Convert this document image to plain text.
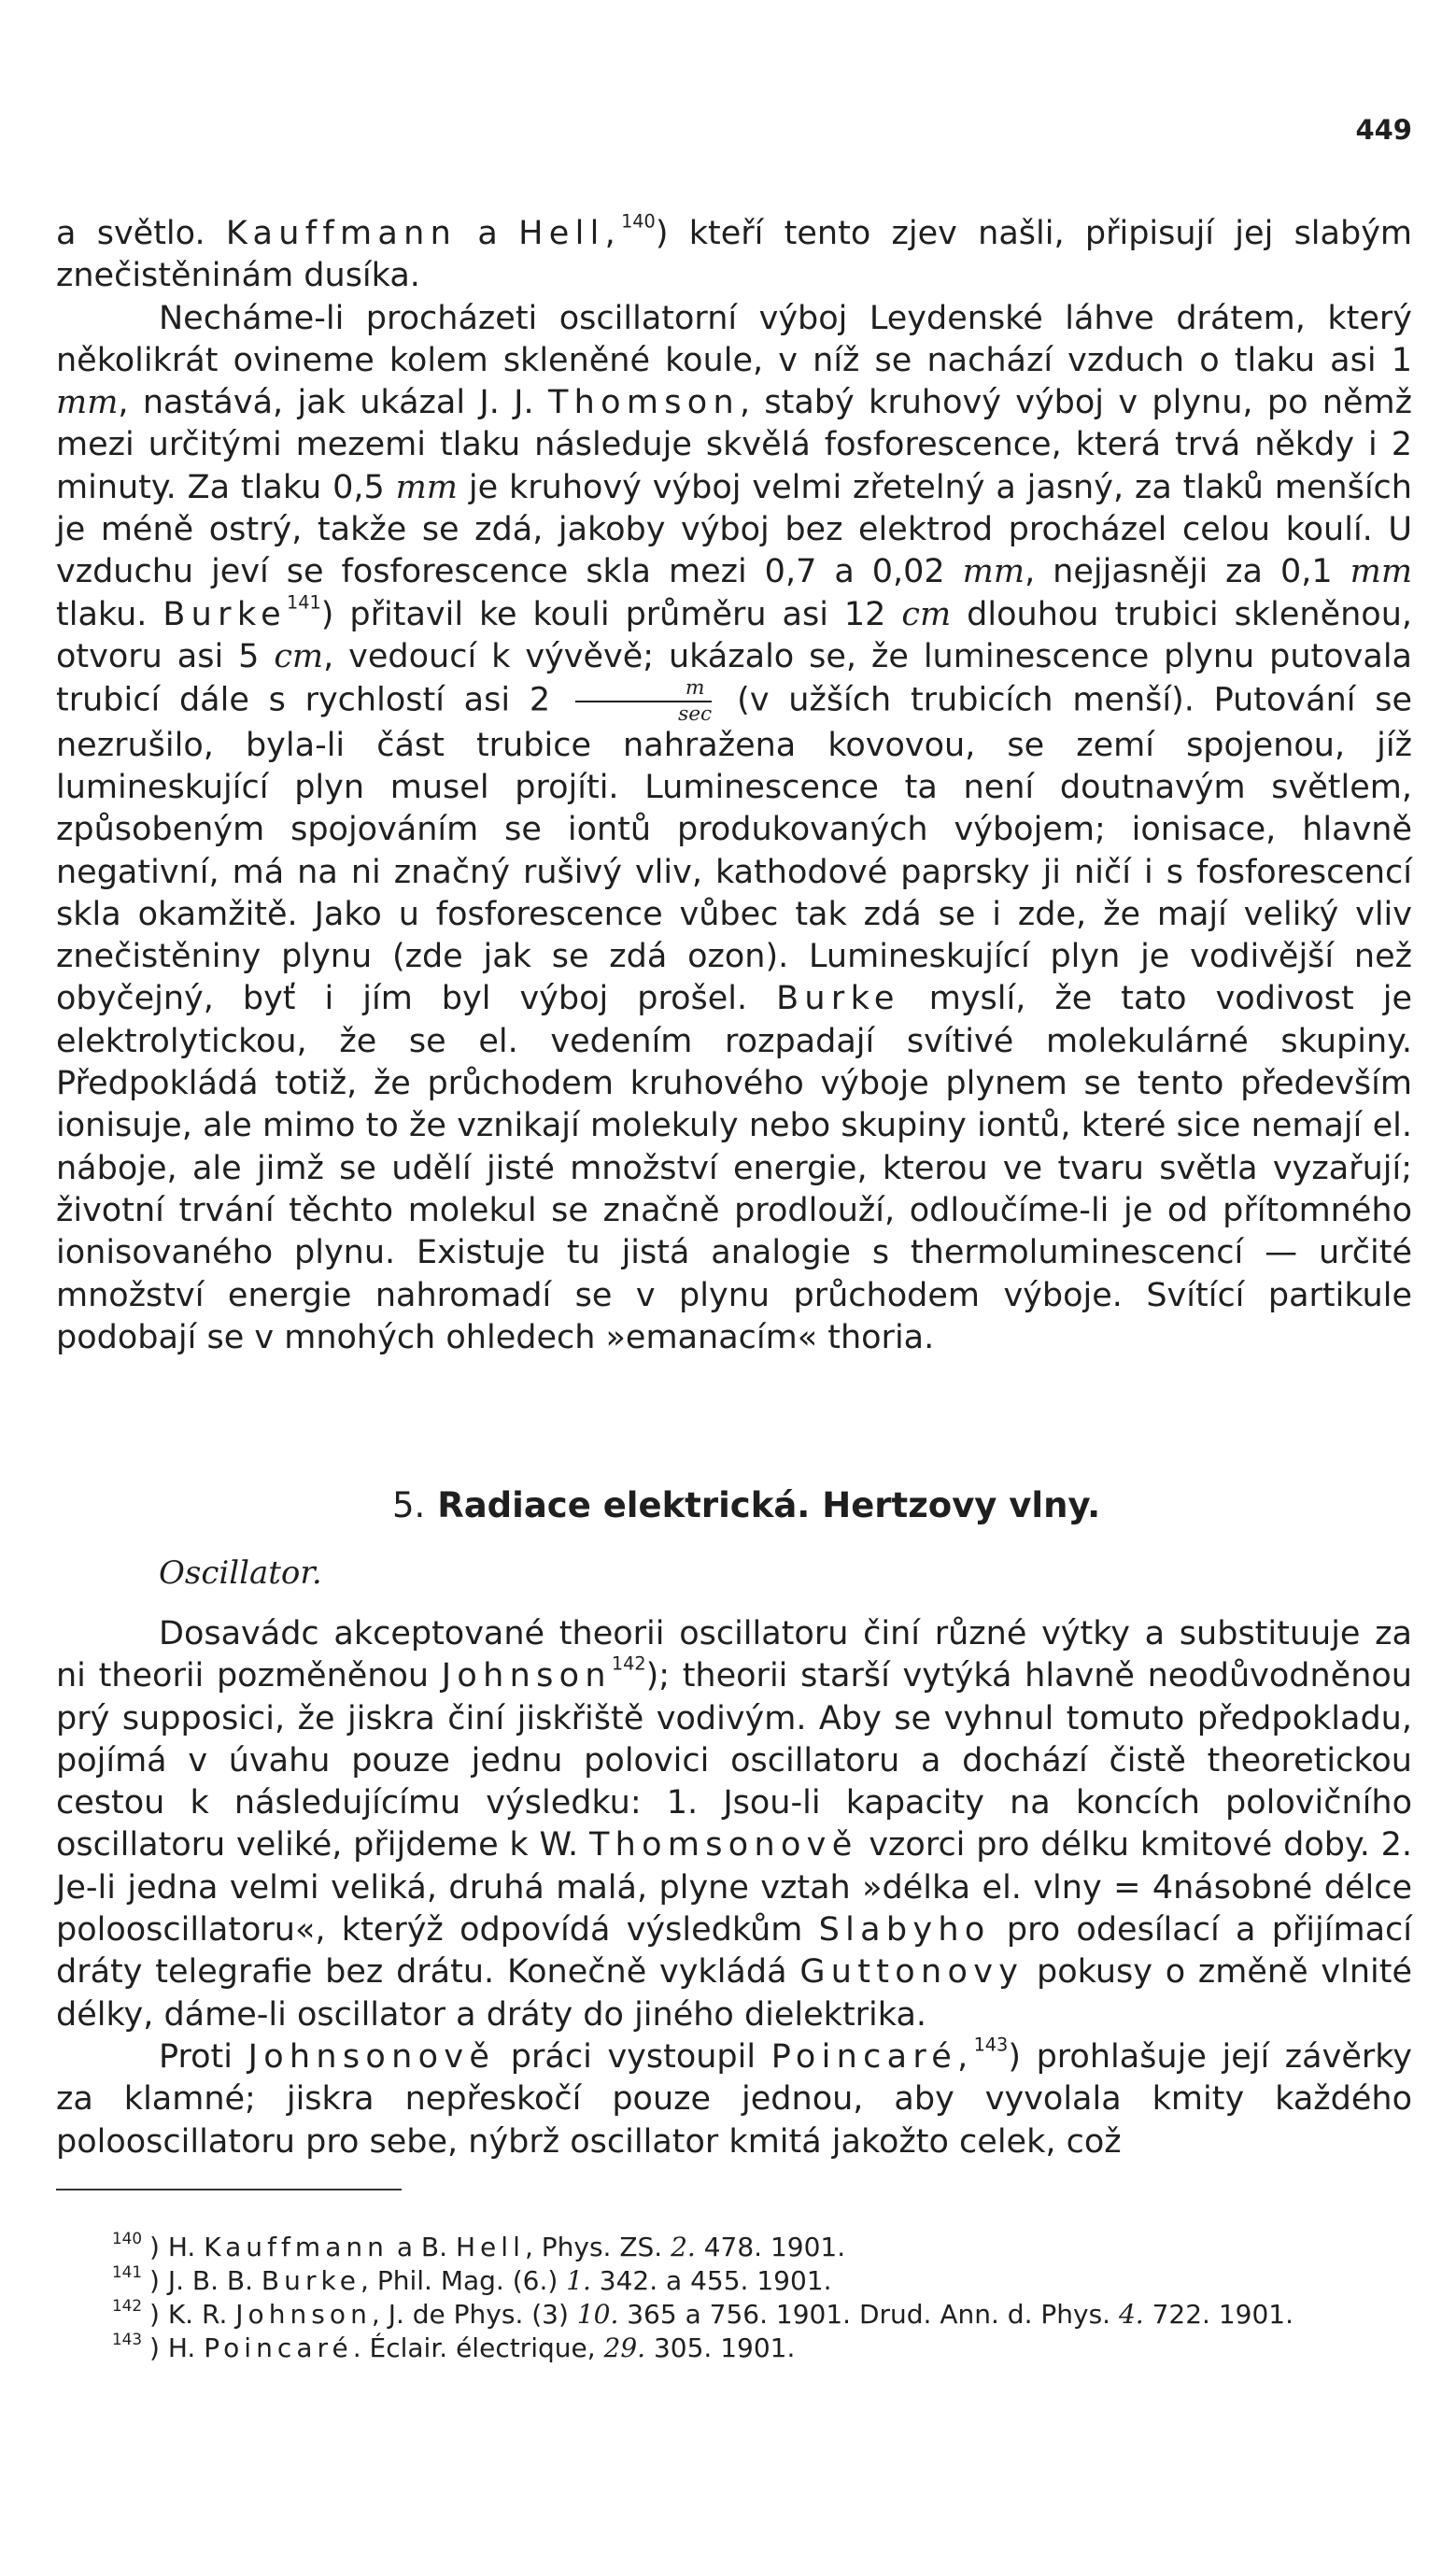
449

a světlo. Kauffmann a Hell,$^{140}$) kteří tento zjev našli, připisují jej slabým znečistěninám dusíka.

Necháme-li procházeti oscillatorní výboj Leydenské láhve drátem, který několikrát ovineme kolem skleněné koule, v níž se nachází vzduch o tlaku asi 1 mm, nastává, jak ukázal J. J. Thomson, stabý kruhový výboj v plynu, po němž mezi určitými mezemi tlaku následuje skvělá fosforescence, která trvá někdy i 2 minuty. Za tlaku 0,5 mm je kruhový výboj velmi zřetelný a jasný, za tlaků menších je méně ostrý, takže se zdá, jakoby výboj bez elektrod procházel celou koulí. U vzduchu jeví se fosforescence skla mezi 0,7 a 0,02 mm, nejjasněji za 0,1 mm tlaku. Burke$^{141}$) přitavil ke kouli průměru asi 12 cm dlouhou trubici skleněnou, otvoru asi 5 cm, vedoucí k vývěvě; ukázalo se, že luminescence plynu putovala trubicí dále s rychlostí asi $2 \frac{m}{\sec} (v$ užších trubicích menší). Putování se nezrušilo, byla-li část trubice nahražena kovovou, se zemí spojenou, jíž lumineskující plyn musel projíti. Luminescence ta není doutnavým světlem, způsobeným spojováním se iontů produkovaných výbojem; ionisace, hlavně negativní, má na ni značný rušivý vliv, kathodové paprsky ji ničí i s fosforescencí skla okamžitě. Jako u fosforescence vůbec tak zdá se i zde, že mají veliký vliv znečistěniny plynu (zde jak se zdá ozon). Lumineskující plyn je vodivější než obyčejný, byť i jím byl výboj prošel. Burke myslí, že tato vodivost je elektrolytickou, že se el. vedením rozpadají svítivé molekulárné skupiny. Předpokládá totiž, že průchodem kruhového výboje plynem se tento především ionisuje, ale mimo to že vznikají molekuly nebo skupiny iontů, které sice nemají el. náboje, ale jimž se udělí jisté množství energie, kterou ve tvaru světla vyzařují; životní trvání těchto molekul se značně prodlouží, odloučíme-li je od přítomného ionisovaného plynu. Existuje tu jistá analogie s thermoluminescencí — určité množství energie nahromadí se v plynu průchodem výboje. Svítící partikule podobají se v mnohých ohledech »emanacím« thoria.

5. Radiace elektrická. Hertzovy vlny.
Oscillator.

Dosavádc akceptované theorii oscillatoru činí různé výtky a substituuje za ni theorii pozměněnou Johnson$^{142}$); theorii starší vytýká hlavně neodůvodněnou prý supposici, že jiskra činí jiskřiště vodivým. Aby se vyhnul tomuto předpokladu, pojímá v úvahu pouze jednu polovici oscillatoru a dochází čistě theoretickou cestou k následujícímu výsledku: 1. Jsou-li kapacity na koncích polovičního oscillatoru veliké, přijdeme k W. Thomsonově vzorci pro délku kmitové doby. 2. Je-li jedna velmi veliká, druhá malá, plyne vztah »délka el. vlny = 4násobné délce polooscillatoru«, kterýž odpovídá výsledkům Slabyho pro odesílací a přijímací dráty telegrafie bez drátu. Konečně vykládá Guttonovy pokusy o změně vlnité délky, dáme-li oscillator a dráty do jiného dielektrika.

Proti Johnsonově práci vystoupil Poincaré,$^{143}$) prohlašuje její závěrky za klamné; jiskra nepřeskočí pouze jednou, aby vyvolala kmity každého polooscillatoru pro sebe, nýbrž oscillator kmitá jakožto celek, což

140 ) H. Kauffmann a B. Hell, Phys. ZS. 2. 478. 1901.

141 ) J. B. B. Burke, Phil. Mag. (6.) 1. 342. a 455. 1901.

142 ) K. R. Johnson, J. de Phys. (3) 10. 365 a 756. 1901. Drud. Ann. d. Phys. 4. 722. 1901.

143 ) H. Poincaré. Éclair. électrique, 29. 305. 1901.
